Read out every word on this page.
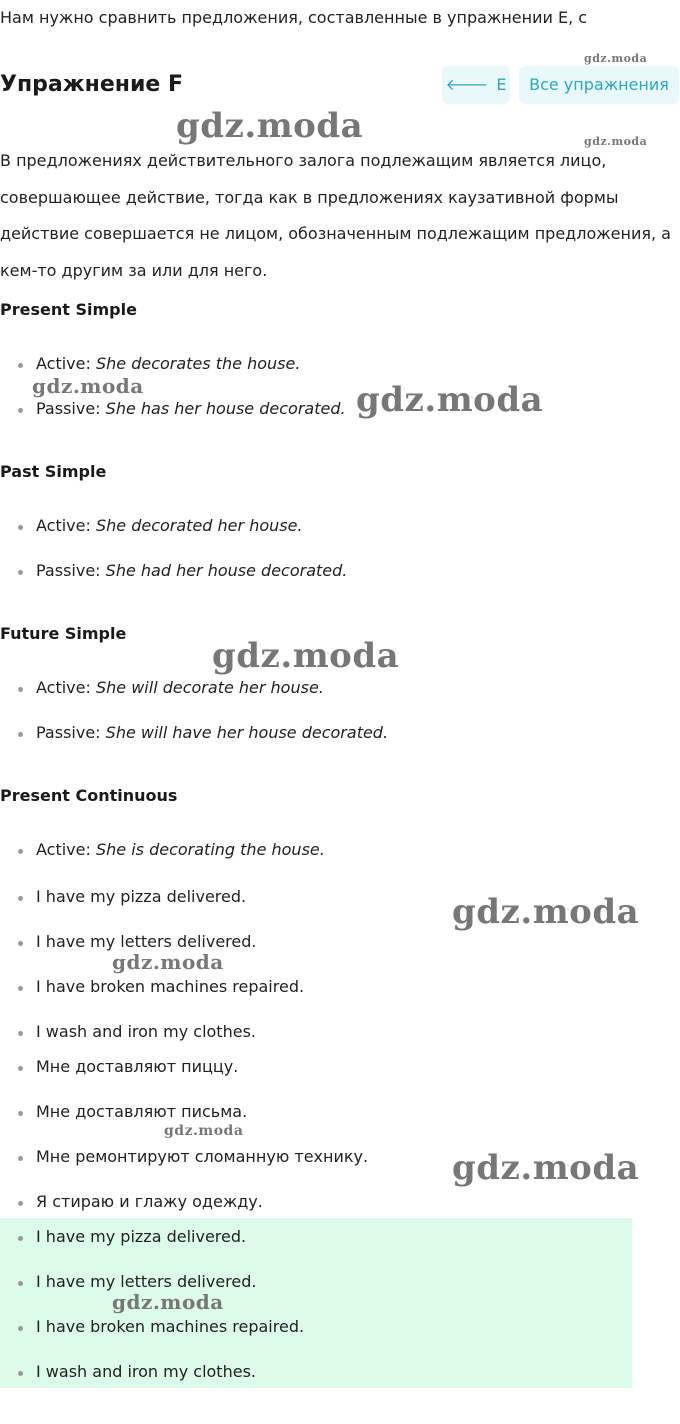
Нам нужно сравнить предложения, составленные в упражнении E, с
Упражнение F	🡐 E	Все упражнения
В предложениях действительного залога подлежащим является лицо, совершающее действие, тогда как в предложениях каузативной формы действие совершается не лицом, обозначенным подлежащим предложения, а кем-то другим за или для него.
Present Simple
Active: She decorates the house.
Passive: She has her house decorated.
Past Simple
Active: She decorated her house.
Passive: She had her house decorated.
Future Simple
Active: She will decorate her house.
Passive: She will have her house decorated.
Present Continuous
Active: She is decorating the house.
I have my pizza delivered.
I have my letters delivered.
I have broken machines repaired.
I wash and iron my clothes.
Мне доставляют пиццу.
Мне доставляют письма.
Мне ремонтируют сломанную технику.
Я стираю и глажу одежду.
I have my pizza delivered.
I have my letters delivered.
I have broken machines repaired.
I wash and iron my clothes.
gdz.moda
gdz.moda	gdz.moda
gdz.moda	gdz.moda
gdz.moda
gdz.moda
gdz.moda
gdz.moda
gdz.moda
gdz.moda
